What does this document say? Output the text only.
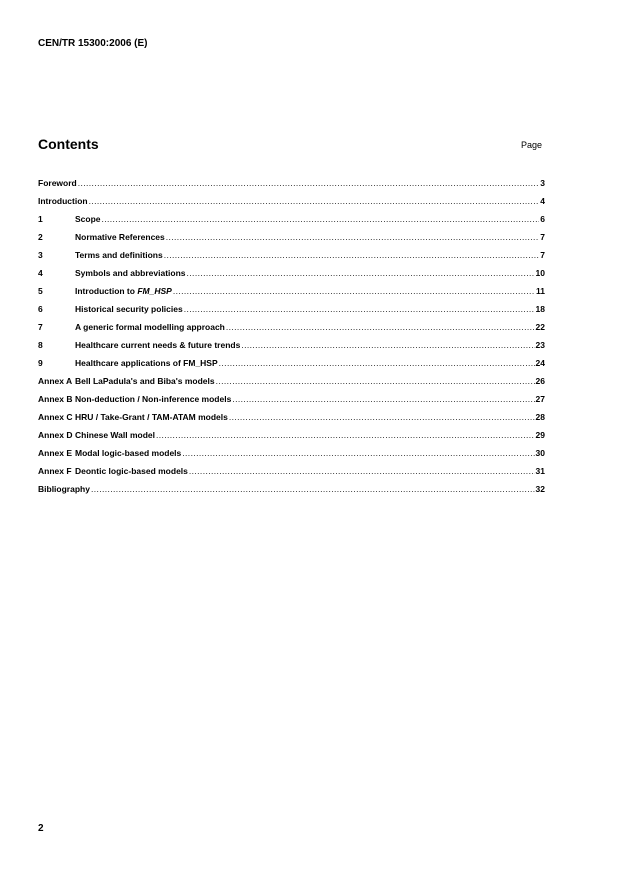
CEN/TR 15300:2006 (E)
Contents	Page
Foreword .....	3
Introduction .....	4
1	Scope .....	6
2	Normative References .....	7
3	Terms and definitions .....	7
4	Symbols and abbreviations .....	10
5	Introduction to FM_HSP .....	11
6	Historical security policies .....	18
7	A generic formal modelling approach .....	22
8	Healthcare current needs & future trends .....	23
9	Healthcare applications of FM_HSP .....	24
Annex A Bell LaPadula's and Biba's models .....	26
Annex B Non-deduction / Non-inference models .....	27
Annex C HRU / Take-Grant / TAM-ATAM models .....	28
Annex D Chinese Wall model .....	29
Annex E Modal logic-based models .....	30
Annex F Deontic logic-based models .....	31
Bibliography .....	32
2
